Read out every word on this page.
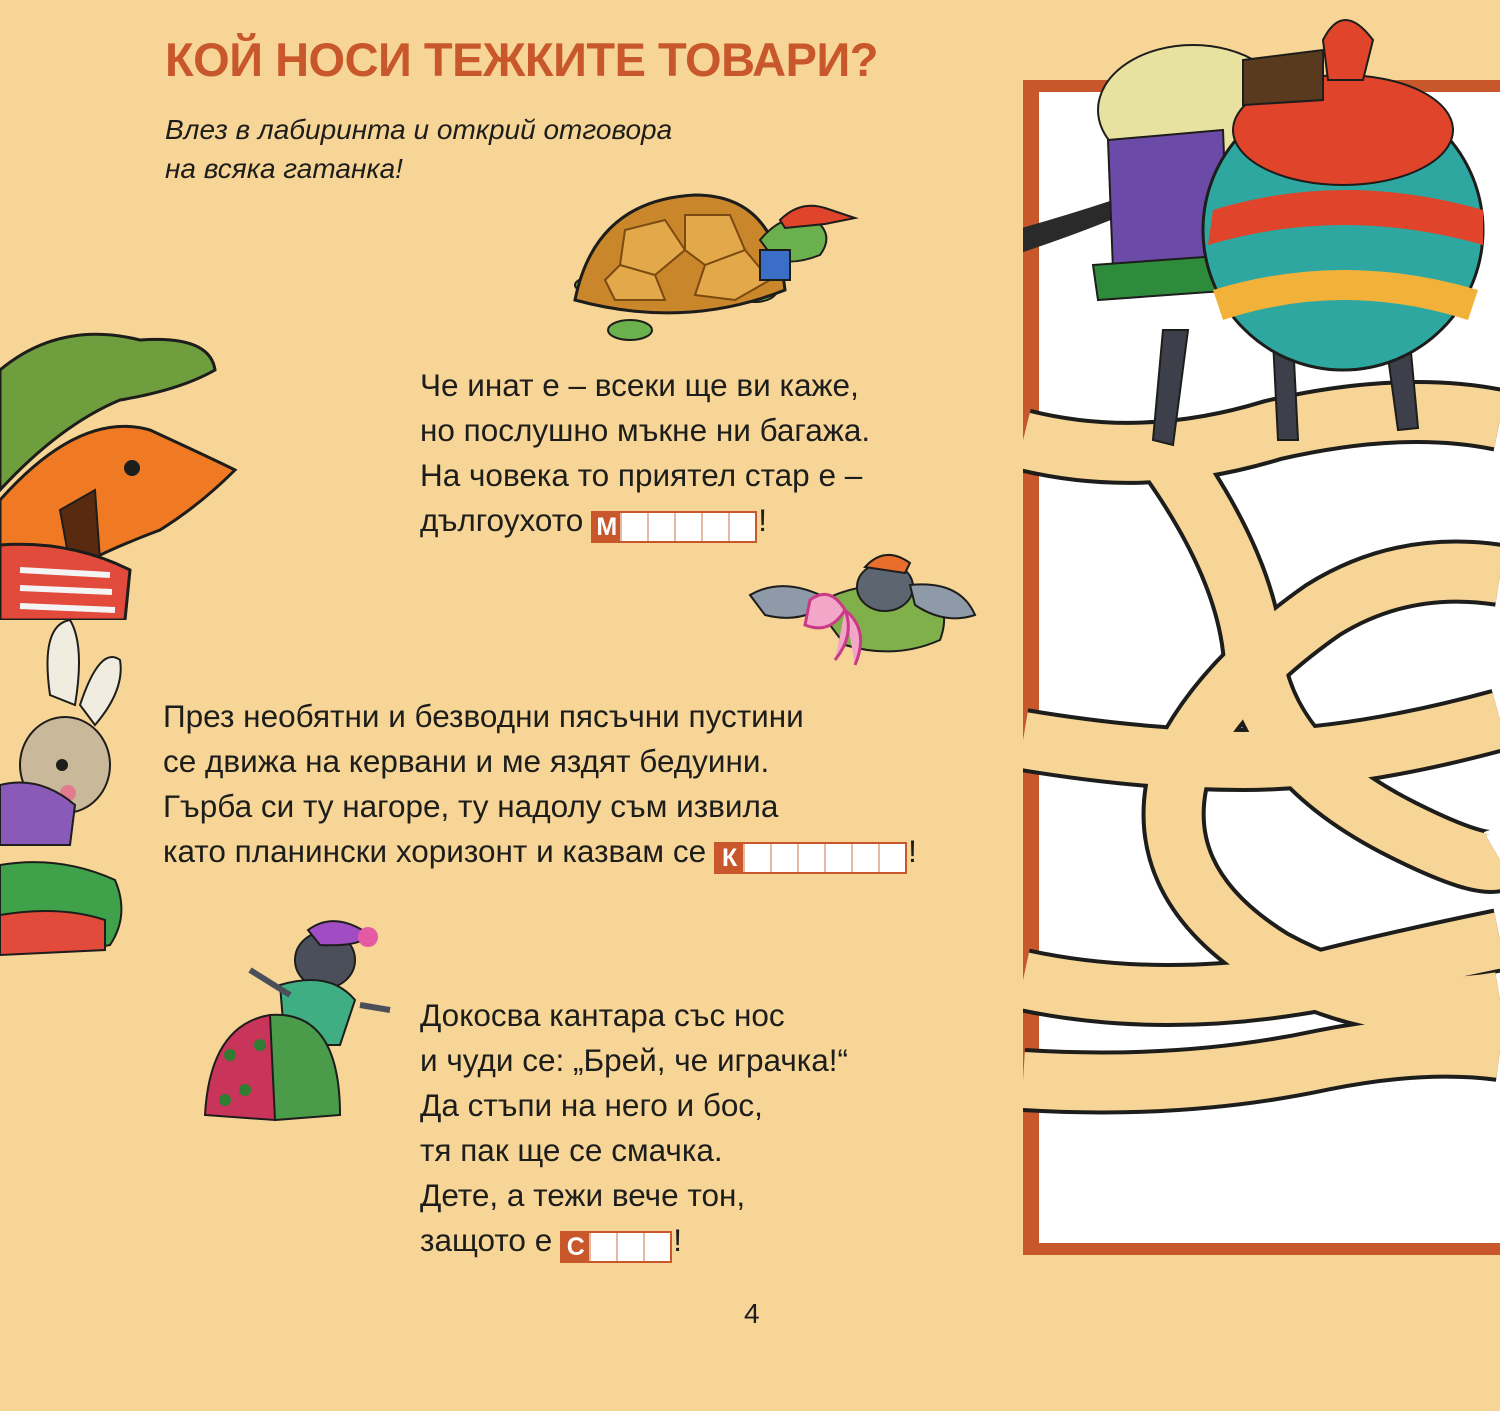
КОЙ НОСИ ТЕЖКИТЕ ТОВАРИ?

Влез в лабиринта и открий отговора
на всяка гатанка!

Че инат е – всеки ще ви каже,
но послушно мъкне ни багажа.
На човека то приятел стар е –
дългоухото М	!

През необятни и безводни пясъчни пустини
се движа на кервани и ме яздят бедуини.
Гърба си ту нагоре, ту надолу съм извила
като планински хоризонт и казвам се К	!

Докосва кантара със нос
и чуди се: „Брей, че играчка!“
Да стъпи на него и бос,
тя пак ще се смачка.
Дете, а тежи вече тон,
защото е С	!

4
